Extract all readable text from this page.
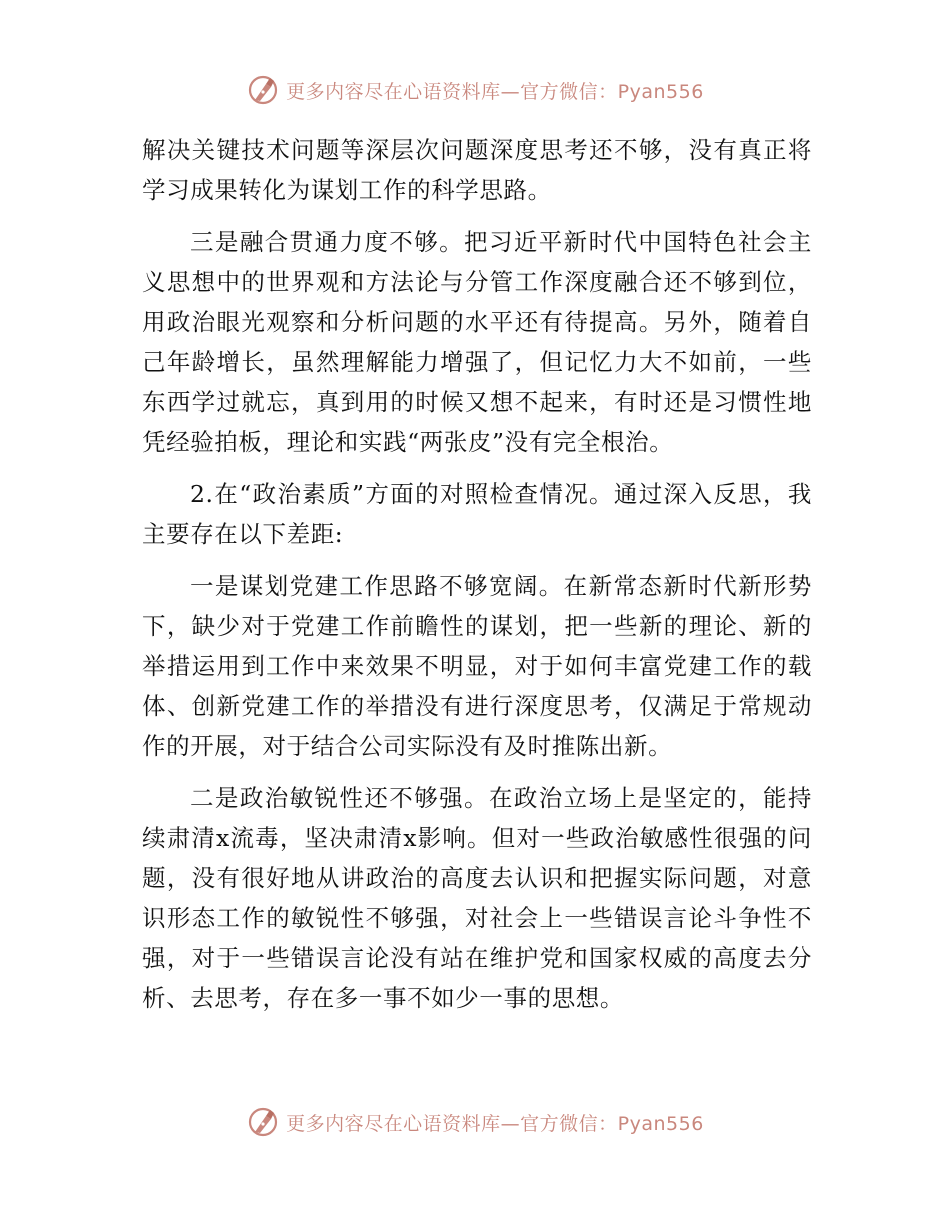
更多内容尽在心语资料库—官方微信：Pyan556

解决关键技术问题等深层次问题深度思考还不够，没有真正将学习成果转化为谋划工作的科学思路。

三是融合贯通力度不够。把习近平新时代中国特色社会主义思想中的世界观和方法论与分管工作深度融合还不够到位，用政治眼光观察和分析问题的水平还有待提高。另外，随着自己年龄增长，虽然理解能力增强了，但记忆力大不如前，一些东西学过就忘，真到用的时候又想不起来，有时还是习惯性地凭经验拍板，理论和实践“两张皮”没有完全根治。

2.在“政治素质”方面的对照检查情况。通过深入反思，我主要存在以下差距:

一是谋划党建工作思路不够宽阔。在新常态新时代新形势下，缺少对于党建工作前瞻性的谋划，把一些新的理论、新的举措运用到工作中来效果不明显，对于如何丰富党建工作的载体、创新党建工作的举措没有进行深度思考，仅满足于常规动作的开展，对于结合公司实际没有及时推陈出新。

二是政治敏锐性还不够强。在政治立场上是坚定的，能持续肃清x流毒，坚决肃清x影响。但对一些政治敏感性很强的问题，没有很好地从讲政治的高度去认识和把握实际问题，对意识形态工作的敏锐性不够强，对社会上一些错误言论斗争性不强，对于一些错误言论没有站在维护党和国家权威的高度去分析、去思考，存在多一事不如少一事的思想。

更多内容尽在心语资料库—官方微信：Pyan556
